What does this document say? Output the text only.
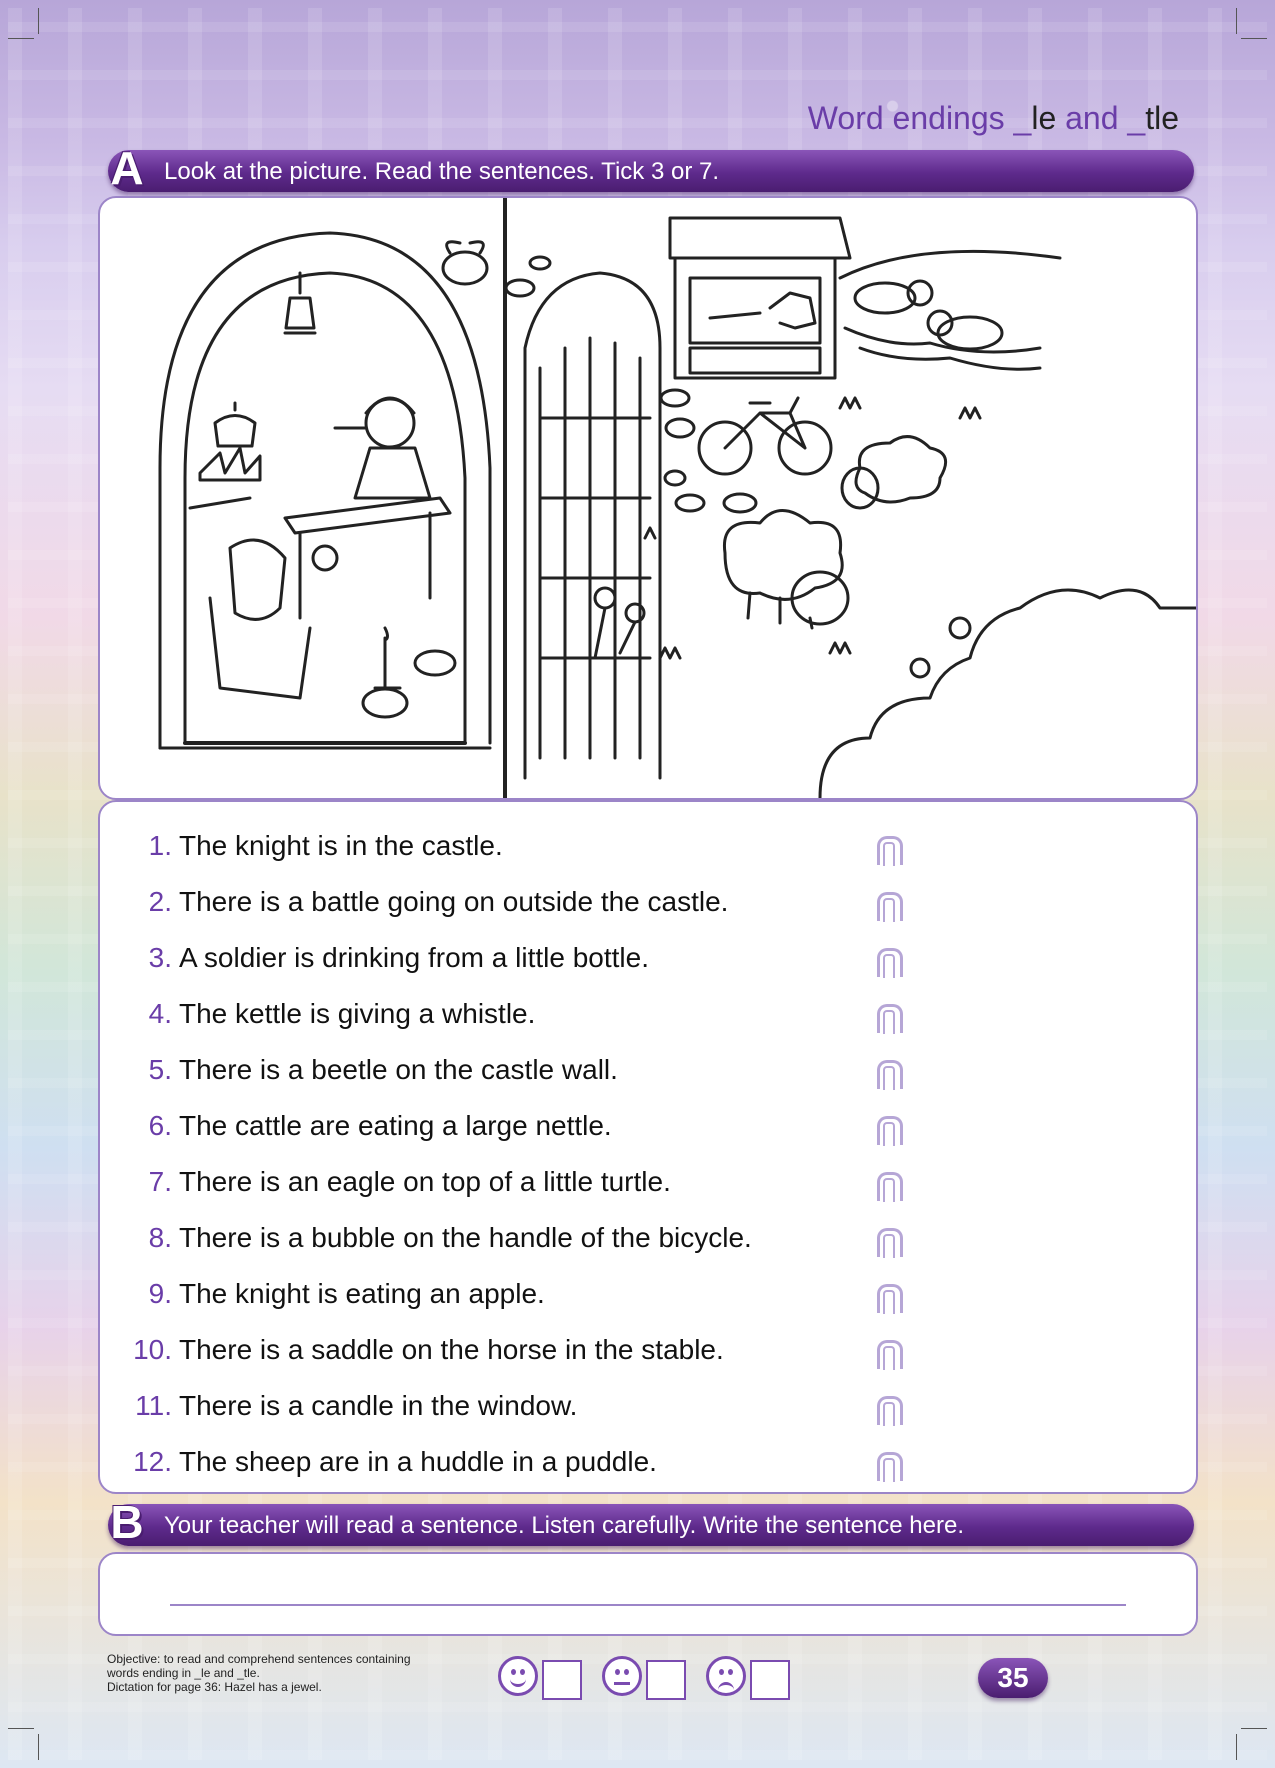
Word endings _le and _tle
A Look at the picture. Read the sentences. Tick 3 or 7.
1. The knight is in the castle.
2. There is a battle going on outside the castle.
3. A soldier is drinking from a little bottle.
4. The kettle is giving a whistle.
5. There is a beetle on the castle wall.
6. The cattle are eating a large nettle.
7. There is an eagle on top of a little turtle.
8. There is a bubble on the handle of the bicycle.
9. The knight is eating an apple.
10. There is a saddle on the horse in the stable.
11. There is a candle in the window.
12. The sheep are in a huddle in a puddle.
B Your teacher will read a sentence. Listen carefully. Write the sentence here.
Objective: to read and comprehend sentences containing
words ending in _le and _tle.
Dictation for page 36: Hazel has a jewel.	35
